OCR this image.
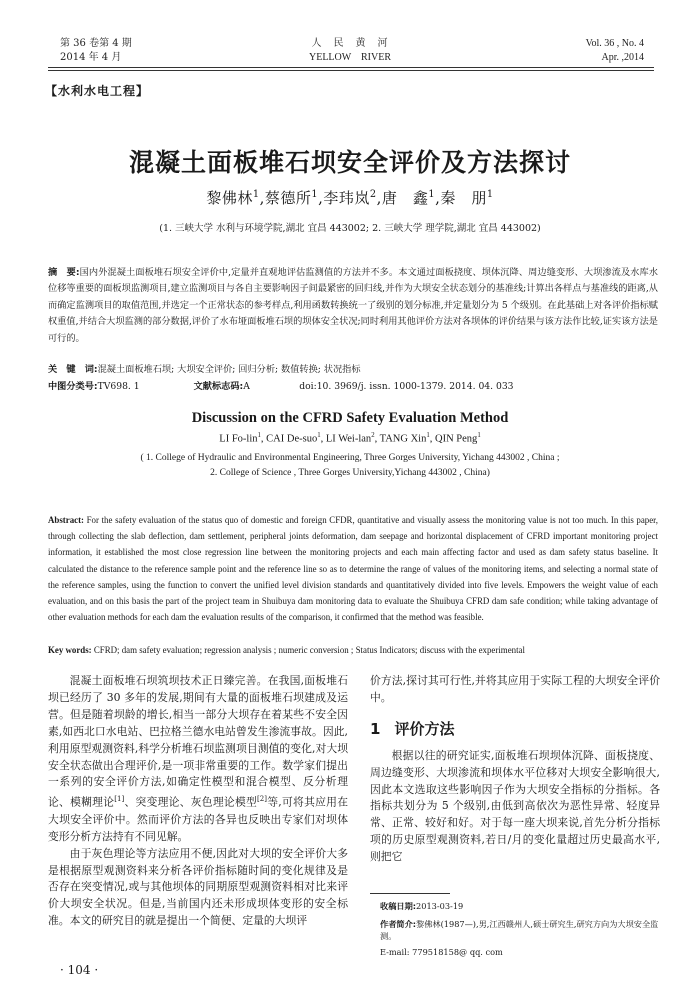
第 36 卷第 4 期
2014 年 4 月
人　民　黄　河
YELLOW　RIVER
Vol. 36 , No. 4
Apr. ,2014
【水利水电工程】
混凝土面板堆石坝安全评价及方法探讨
黎佛林$^1$,蔡德所$^1$,李玮岚$^2$,唐　鑫$^1$,秦　朋$^1$
(1. 三峡大学 水利与环境学院,湖北 宜昌 443002; 2. 三峡大学 理学院,湖北 宜昌 443002)
摘　要:国内外混凝土面板堆石坝安全评价中,定量并直观地评估监测值的方法并不多。本文通过面板挠度、坝体沉降、周边缝变形、大坝渗流及水库水位移等重要的面板坝监测项目,建立监测项目与各自主要影响因子间最紧密的回归线,并作为大坝安全状态划分的基准线;计算出各样点与基准线的距离,从而确定监测项目的取值范围,并选定一个正常状态的参考样点,利用函数转换统一了级别的划分标准,并定量划分为 5 个级别。在此基础上对各评价指标赋权重值,并结合大坝监测的部分数据,评价了水布垭面板堆石坝的坝体安全状况;同时利用其他评价方法对各坝体的评价结果与该方法作比较,证实该方法是可行的。
关　键　词:混凝土面板堆石坝; 大坝安全评价; 回归分析; 数值转换; 状况指标
中图分类号:TV698. 1	文献标志码:A	doi:10. 3969/j. issn. 1000-1379. 2014. 04. 033
Discussion on the CFRD Safety Evaluation Method
LI Fo-lin$^1$, CAI De-suo$^1$, LI Wei-lan$^2$, TANG Xin$^1$, QIN Peng$^1$
( 1. College of Hydraulic and Environmental Engineering, Three Gorges University, Yichang 443002 , China ;
2. College of Science , Three Gorges University,Yichang 443002 , China)
Abstract: For the safety evaluation of the status quo of domestic and foreign CFDR, quantitative and visually assess the monitoring value is not too much. In this paper, through collecting the slab deflection, dam settlement, peripheral joints deformation, dam seepage and horizontal displacement of CFRD important monitoring project information, it established the most close regression line between the monitoring projects and each main affecting factor and used as dam safety status baseline. It calculated the distance to the reference sample point and the reference line so as to determine the range of values of the monitoring items, and selecting a normal state of the reference samples, using the function to convert the unified level division standards and quantitatively divided into five levels. Empowers the weight value of each evaluation, and on this basis the part of the project team in Shuibuya dam monitoring data to evaluate the Shuibuya CFRD dam safe condition; while taking advantage of other evaluation methods for each dam the evaluation results of the comparison, it confirmed that the method was feasible.
Key words: CFRD; dam safety evaluation; regression analysis ; numeric conversion ; Status Indicators; discuss with the experimental

混凝土面板堆石坝筑坝技术正日臻完善。在我国,面板堆石坝已经历了 30 多年的发展,期间有大量的面板堆石坝建成及运营。但是随着坝龄的增长,相当一部分大坝存在着某些不安全因素,如西北口水电站、巴拉格兰德水电站曾发生渗流事故。因此,利用原型观测资料,科学分析堆石坝监测项目测值的变化,对大坝安全状态做出合理评价,是一项非常重要的工作。数学家们提出一系列的安全评价方法,如确定性模型和混合模型、反分析理论、模糊理论[1]、突变理论、灰色理论模型[2]等,可将其应用在大坝安全评价中。然而评价方法的各异也反映出专家们对坝体变形分析方法持有不同见解。

由于灰色理论等方法应用不便,因此对大坝的安全评价大多是根据原型观测资料来分析各评价指标随时间的变化规律及是否存在突变情况,或与其他坝体的同期原型观测资料相对比来评价大坝安全状况。但是,当前国内还未形成坝体变形的安全标准。本文的研究目的就是提出一个简便、定量的大坝评

价方法,探讨其可行性,并将其应用于实际工程的大坝安全评价中。

1 评价方法

根据以往的研究证实,面板堆石坝坝体沉降、面板挠度、周边缝变形、大坝渗流和坝体水平位移对大坝安全影响很大,因此本文选取这些影响因子作为大坝安全指标的分指标。各指标共划分为 5 个级别,由低到高依次为恶性异常、轻度异常、正常、较好和好。对于每一座大坝来说,首先分析分指标项的历史原型观测资料,若日/月的变化量超过历史最高水平,则把它

收稿日期:2013-03-19
作者简介:黎佛林(1987—),男,江西赣州人,硕士研究生,研究方向为大坝安全监测。
E-mail: 779518158@ qq. com
· 104 ·
